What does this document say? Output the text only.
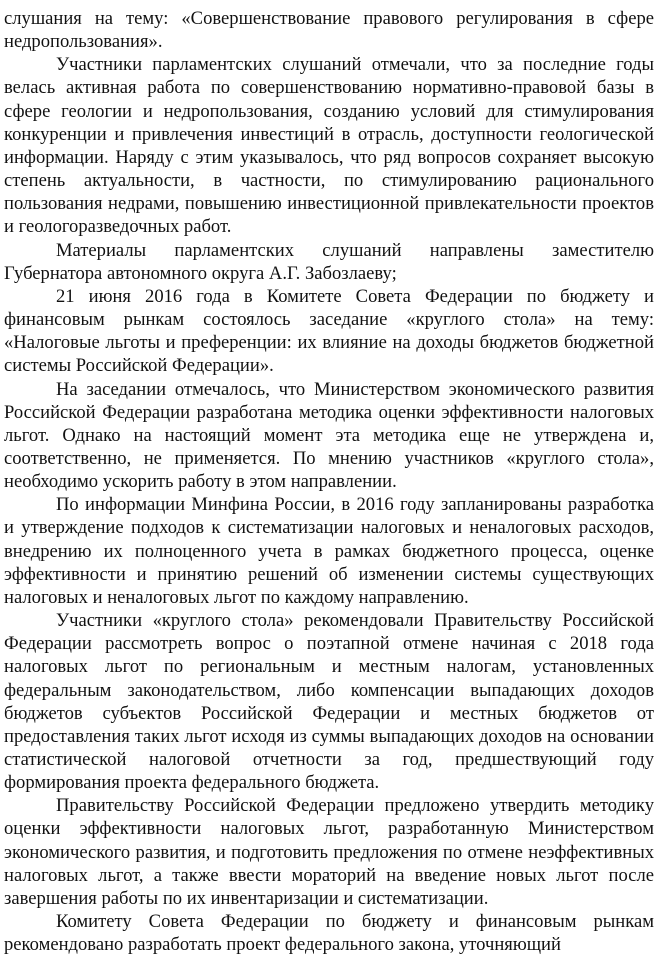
слушания на тему: «Совершенствование правового регулирования в сфере недропользования».

Участники парламентских слушаний отмечали, что за последние годы велась активная работа по совершенствованию нормативно-правовой базы в сфере геологии и недропользования, созданию условий для стимулирования конкуренции и привлечения инвестиций в отрасль, доступности геологической информации. Наряду с этим указывалось, что ряд вопросов сохраняет высокую степень актуальности, в частности, по стимулированию рационального пользования недрами, повышению инвестиционной привлекательности проектов и геологоразведочных работ.

Материалы парламентских слушаний направлены заместителю Губернатора автономного округа А.Г. Забозлаеву;

21 июня 2016 года в Комитете Совета Федерации по бюджету и финансовым рынкам состоялось заседание «круглого стола» на тему: «Налоговые льготы и преференции: их влияние на доходы бюджетов бюджетной системы Российской Федерации».

На заседании отмечалось, что Министерством экономического развития Российской Федерации разработана методика оценки эффективности налоговых льгот. Однако на настоящий момент эта методика еще не утверждена и, соответственно, не применяется. По мнению участников «круглого стола», необходимо ускорить работу в этом направлении.

По информации Минфина России, в 2016 году запланированы разработка и утверждение подходов к систематизации налоговых и неналоговых расходов, внедрению их полноценного учета в рамках бюджетного процесса, оценке эффективности и принятию решений об изменении системы существующих налоговых и неналоговых льгот по каждому направлению.

Участники «круглого стола» рекомендовали Правительству Российской Федерации рассмотреть вопрос о поэтапной отмене начиная с 2018 года налоговых льгот по региональным и местным налогам, установленных федеральным законодательством, либо компенсации выпадающих доходов бюджетов субъектов Российской Федерации и местных бюджетов от предоставления таких льгот исходя из суммы выпадающих доходов на основании статистической налоговой отчетности за год, предшествующий году формирования проекта федерального бюджета.

Правительству Российской Федерации предложено утвердить методику оценки эффективности налоговых льгот, разработанную Министерством экономического развития, и подготовить предложения по отмене неэффективных налоговых льгот, а также ввести мораторий на введение новых льгот после завершения работы по их инвентаризации и систематизации.

Комитету Совета Федерации по бюджету и финансовым рынкам рекомендовано разработать проект федерального закона, уточняющий
